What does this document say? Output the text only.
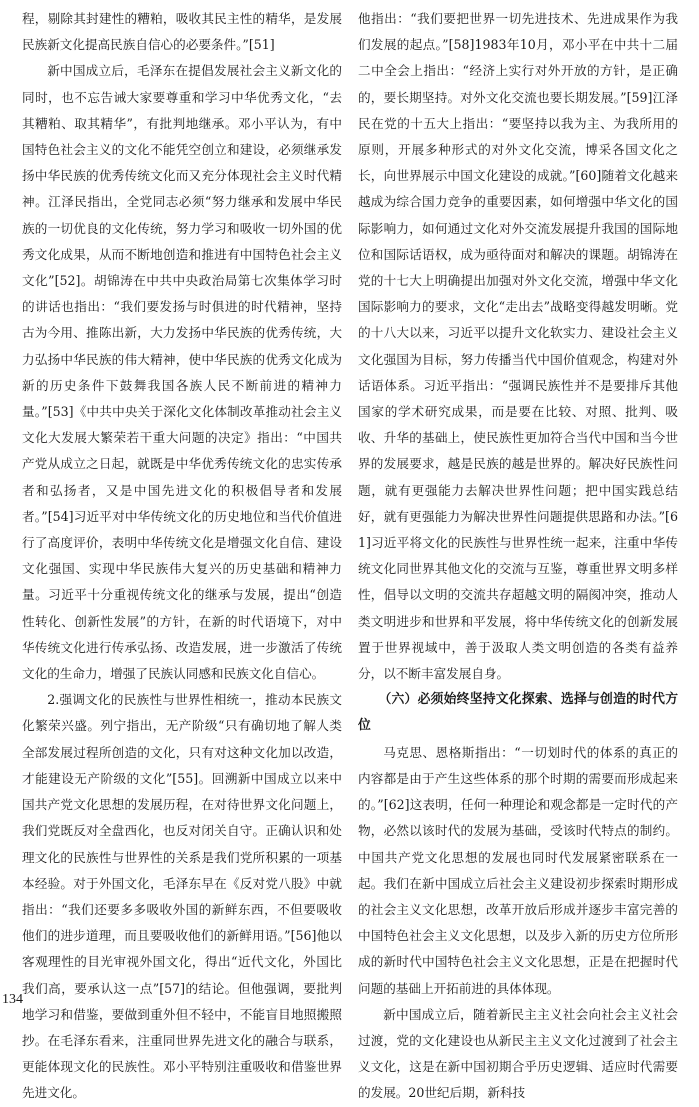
程，剔除其封建性的糟粕，吸收其民主性的精华，是发展民族新文化提高民族自信心的必要条件。”[51]

新中国成立后，毛泽东在提倡发展社会主义新文化的同时，也不忘告诫大家要尊重和学习中华优秀文化，“去其糟粕、取其精华”，有批判地继承。邓小平认为，有中国特色社会主义的文化不能凭空创立和建设，必须继承发扬中华民族的优秀传统文化而又充分体现社会主义时代精神。江泽民指出，全党同志必须“努力继承和发展中华民族的一切优良的文化传统，努力学习和吸收一切外国的优秀文化成果，从而不断地创造和推进有中国特色社会主义文化”[52]。胡锦涛在中共中央政治局第七次集体学习时的讲话也指出：“我们要发扬与时俱进的时代精神，坚持古为今用、推陈出新，大力发扬中华民族的优秀传统，大力弘扬中华民族的伟大精神，使中华民族的优秀文化成为新的历史条件下鼓舞我国各族人民不断前进的精神力量。”[53]《中共中央关于深化文化体制改革推动社会主义文化大发展大繁荣若干重大问题的决定》指出：“中国共产党从成立之日起，就既是中华优秀传统文化的忠实传承者和弘扬者，又是中国先进文化的积极倡导者和发展者。”[54]习近平对中华传统文化的历史地位和当代价值进行了高度评价，表明中华传统文化是增强文化自信、建设文化强国、实现中华民族伟大复兴的历史基础和精神力量。习近平十分重视传统文化的继承与发展，提出“创造性转化、创新性发展”的方针，在新的时代语境下，对中华传统文化进行传承弘扬、改造发展，进一步激活了传统文化的生命力，增强了民族认同感和民族文化自信心。

2.强调文化的民族性与世界性相统一，推动本民族文化繁荣兴盛。列宁指出，无产阶级“只有确切地了解人类全部发展过程所创造的文化，只有对这种文化加以改造，才能建设无产阶级的文化”[55]。回溯新中国成立以来中国共产党文化思想的发展历程，在对待世界文化问题上，我们党既反对全盘西化，也反对闭关自守。正确认识和处理文化的民族性与世界性的关系是我们党所积累的一项基本经验。对于外国文化，毛泽东早在《反对党八股》中就指出：“我们还要多多吸收外国的新鲜东西，不但要吸收他们的进步道理，而且要吸收他们的新鲜用语。”[56]他以客观理性的目光审视外国文化，得出“近代文化，外国比我们高，要承认这一点”[57]的结论。但他强调，要批判地学习和借鉴，要做到重外但不轻中，不能盲目地照搬照抄。在毛泽东看来，注重同世界先进文化的融合与联系，更能体现文化的民族性。邓小平特别注重吸收和借鉴世界先进文化。

他指出：“我们要把世界一切先进技术、先进成果作为我们发展的起点。”[58]1983年10月，邓小平在中共十二届二中全会上指出：“经济上实行对外开放的方针，是正确的，要长期坚持。对外文化交流也要长期发展。”[59]江泽民在党的十五大上指出：“要坚持以我为主、为我所用的原则，开展多种形式的对外文化交流，博采各国文化之长，向世界展示中国文化建设的成就。”[60]随着文化越来越成为综合国力竞争的重要因素，如何增强中华文化的国际影响力，如何通过文化对外交流发展提升我国的国际地位和国际话语权，成为亟待面对和解决的课题。胡锦涛在党的十七大上明确提出加强对外文化交流，增强中华文化国际影响力的要求，文化“走出去”战略变得越发明晰。党的十八大以来，习近平以提升文化软实力、建设社会主义文化强国为目标，努力传播当代中国价值观念，构建对外话语体系。习近平指出：“强调民族性并不是要排斥其他国家的学术研究成果，而是要在比较、对照、批判、吸收、升华的基础上，使民族性更加符合当代中国和当今世界的发展要求，越是民族的越是世界的。解决好民族性问题，就有更强能力去解决世界性问题；把中国实践总结好，就有更强能力为解决世界性问题提供思路和办法。”[61]习近平将文化的民族性与世界性统一起来，注重中华传统文化同世界其他文化的交流与互鉴，尊重世界文明多样性，倡导以文明的交流共存超越文明的隔阂冲突，推动人类文明进步和世界和平发展，将中华传统文化的创新发展置于世界视域中，善于汲取人类文明创造的各类有益养分，以不断丰富发展自身。

（六）必须始终坚持文化探索、选择与创造的时代方位

马克思、恩格斯指出：“一切划时代的体系的真正的内容都是由于产生这些体系的那个时期的需要而形成起来的。”[62]这表明，任何一种理论和观念都是一定时代的产物，必然以该时代的发展为基础，受该时代特点的制约。中国共产党文化思想的发展也同时代发展紧密联系在一起。我们在新中国成立后社会主义建设初步探索时期形成的社会主义文化思想，改革开放后形成并逐步丰富完善的中国特色社会主义文化思想，以及步入新的历史方位所形成的新时代中国特色社会主义文化思想，正是在把握时代问题的基础上开拓前进的具体体现。

新中国成立后，随着新民主主义社会向社会主义社会过渡，党的文化建设也从新民主主义文化过渡到了社会主义文化，这是在新中国初期合乎历史逻辑、适应时代需要的发展。20世纪后期，新科技

134
